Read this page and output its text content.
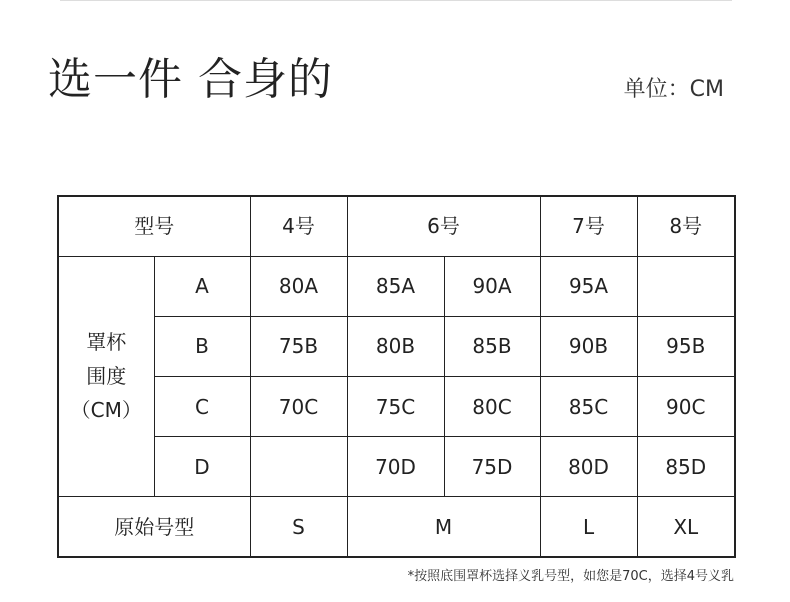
选一件 合身的	单位：CM
型号		4号	6号		7号	8号
罩杯
围度
（CM）	A	80A	85A	90A	95A	
	B	75B	80B	85B	90B	95B
	C	70C	75C	80C	85C	90C
	D		70D	75D	80D	85D
原始号型		S	M		L	XL
*按照底围罩杯选择义乳号型，如您是70C，选择4号义乳
